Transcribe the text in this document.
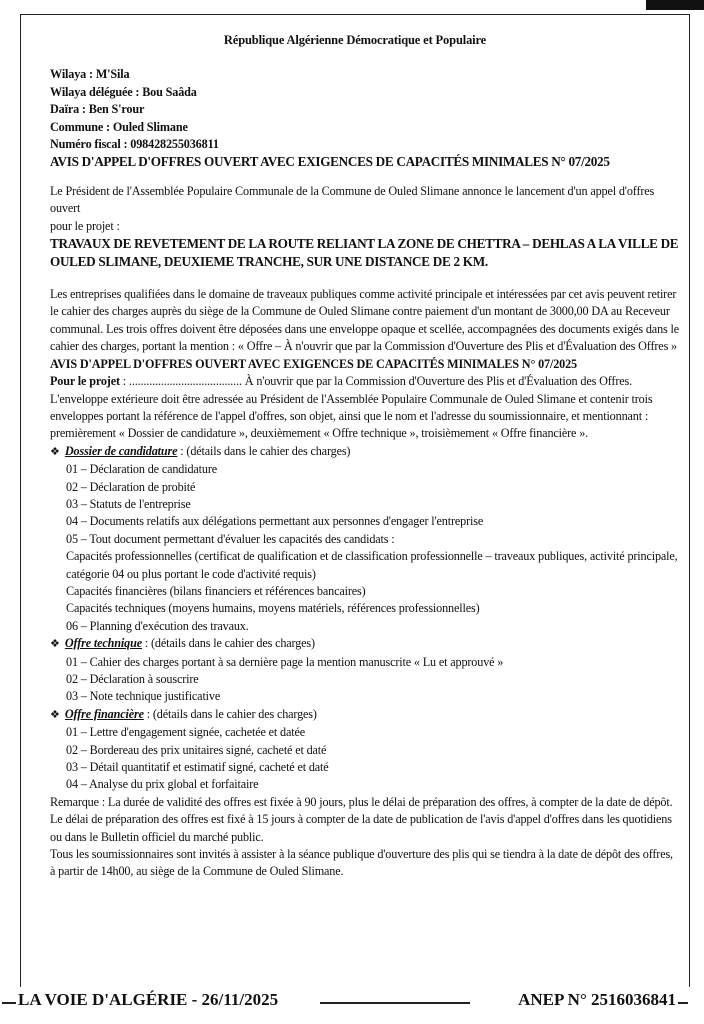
République Algérienne Démocratique et Populaire
Wilaya : M'Sila
Wilaya déléguée : Bou Saâda
Daïra : Ben S'rour
Commune : Ouled Slimane
Numéro fiscal : 098428255036811
AVIS D'APPEL D'OFFRES OUVERT AVEC EXIGENCES DE CAPACITÉS MINIMALES N° 07/2025
Le Président de l'Assemblée Populaire Communale de la Commune de Ouled Slimane annonce le lancement d'un appel d'offres ouvert
pour le projet :
TRAVAUX DE REVETEMENT DE LA ROUTE RELIANT LA ZONE DE CHETTRA – DEHLAS A LA VILLE DE OULED SLIMANE, DEUXIEME TRANCHE, SUR UNE DISTANCE DE 2 KM.
Les entreprises qualifiées dans le domaine de traveaux publiques comme activité principale et intéressées par cet avis peuvent retirer le cahier des charges auprès du siège de la Commune de Ouled Slimane contre paiement d'un montant de 3000,00 DA au Receveur communal. Les trois offres doivent être déposées dans une enveloppe opaque et scellée, accompagnées des documents exigés dans le cahier des charges, portant la mention : « Offre – À n'ouvrir que par la Commission d'Ouverture des Plis et d'Évaluation des Offres »
AVIS D'APPEL D'OFFRES OUVERT AVEC EXIGENCES DE CAPACITÉS MINIMALES N° 07/2025
Pour le projet : ....................................... À n'ouvrir que par la Commission d'Ouverture des Plis et d'Évaluation des Offres.
L'enveloppe extérieure doit être adressée au Président de l'Assemblée Populaire Communale de Ouled Slimane et contenir trois enveloppes portant la référence de l'appel d'offres, son objet, ainsi que le nom et l'adresse du soumissionnaire, et mentionnant : premièrement « Dossier de candidature », deuxièmement « Offre technique », troisièmement « Offre financière ».
❖ Dossier de candidature : (détails dans le cahier des charges)
01 – Déclaration de candidature
02 – Déclaration de probité
03 – Statuts de l'entreprise
04 – Documents relatifs aux délégations permettant aux personnes d'engager l'entreprise
05 – Tout document permettant d'évaluer les capacités des candidats :
Capacités professionnelles (certificat de qualification et de classification professionnelle – traveaux publiques, activité principale, catégorie 04 ou plus portant le code d'activité requis)
Capacités financières (bilans financiers et références bancaires)
Capacités techniques (moyens humains, moyens matériels, références professionnelles)
06 – Planning d'exécution des travaux.
❖ Offre technique : (détails dans le cahier des charges)
01 – Cahier des charges portant à sa dernière page la mention manuscrite « Lu et approuvé »
02 – Déclaration à souscrire
03 – Note technique justificative
❖ Offre financière : (détails dans le cahier des charges)
01 – Lettre d'engagement signée, cachetée et datée
02 – Bordereau des prix unitaires signé, cacheté et daté
03 – Détail quantitatif et estimatif signé, cacheté et daté
04 – Analyse du prix global et forfaitaire
Remarque : La durée de validité des offres est fixée à 90 jours, plus le délai de préparation des offres, à compter de la date de dépôt.
Le délai de préparation des offres est fixé à 15 jours à compter de la date de publication de l'avis d'appel d'offres dans les quotidiens ou dans le Bulletin officiel du marché public.
Tous les soumissionnaires sont invités à assister à la séance publique d'ouverture des plis qui se tiendra à la date de dépôt des offres, à partir de 14h00, au siège de la Commune de Ouled Slimane.
LA VOIE D'ALGÉRIE - 26/11/2025	ANEP N° 2516036841
